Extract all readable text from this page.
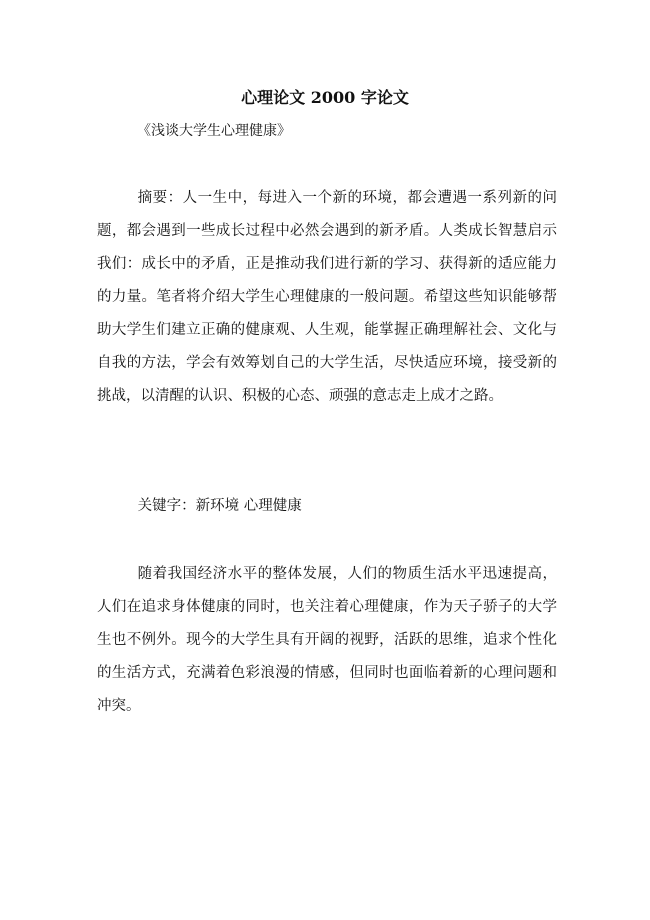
心理论文 2000 字论文
《浅谈大学生心理健康》
摘要：人一生中，每进入一个新的环境，都会遭遇一系列新的问题，都会遇到一些成长过程中必然会遇到的新矛盾。人类成长智慧启示我们：成长中的矛盾，正是推动我们进行新的学习、获得新的适应能力的力量。笔者将介绍大学生心理健康的一般问题。希望这些知识能够帮助大学生们建立正确的健康观、人生观，能掌握正确理解社会、文化与自我的方法，学会有效筹划自己的大学生活，尽快适应环境，接受新的挑战，以清醒的认识、积极的心态、顽强的意志走上成才之路。
关键字：新环境 心理健康
随着我国经济水平的整体发展，人们的物质生活水平迅速提高，人们在追求身体健康的同时，也关注着心理健康，作为天子骄子的大学生也不例外。现今的大学生具有开阔的视野，活跃的思维，追求个性化的生活方式，充满着色彩浪漫的情感，但同时也面临着新的心理问题和冲突。
